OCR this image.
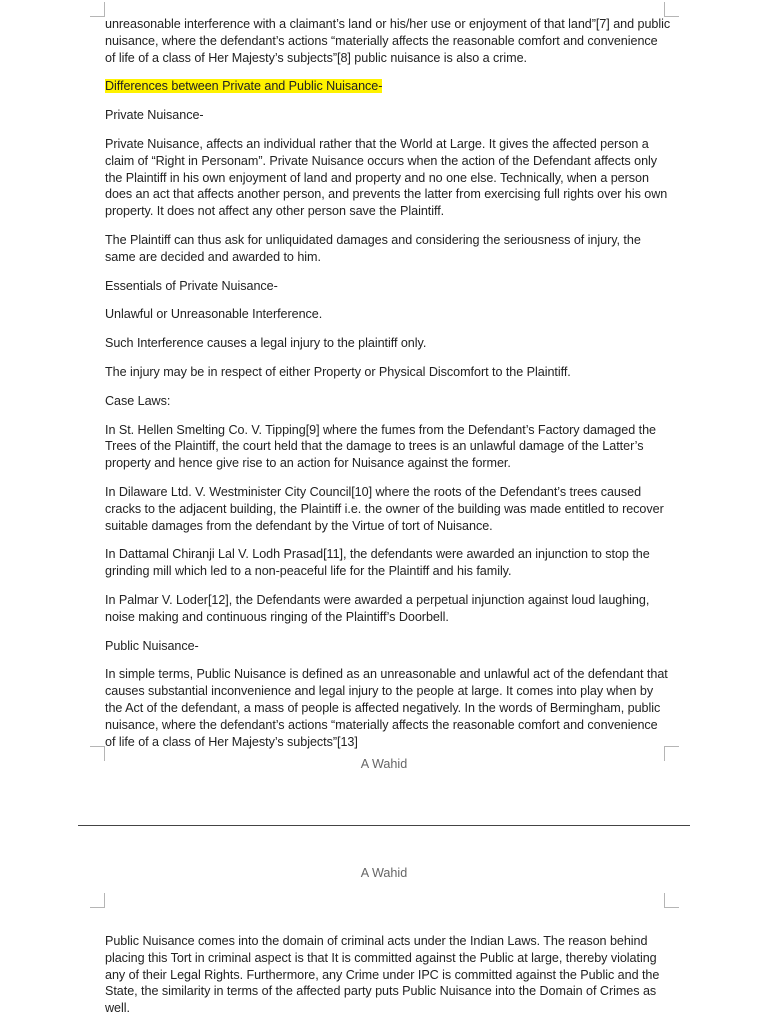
unreasonable interference with a claimant’s land or his/her use or enjoyment of that land”[7] and public nuisance, where the defendant’s actions “materially affects the reasonable comfort and convenience of life of a class of Her Majesty’s subjects”[8] public nuisance is also a crime.

Differences between Private and Public Nuisance-

Private Nuisance-

Private Nuisance, affects an individual rather that the World at Large. It gives the affected person a claim of “Right in Personam”. Private Nuisance occurs when the action of the Defendant affects only the Plaintiff in his own enjoyment of land and property and no one else. Technically, when a person does an act that affects another person, and prevents the latter from exercising full rights over his own property. It does not affect any other person save the Plaintiff.

The Plaintiff can thus ask for unliquidated damages and considering the seriousness of injury, the same are decided and awarded to him.

Essentials of Private Nuisance-

Unlawful or Unreasonable Interference.

Such Interference causes a legal injury to the plaintiff only.

The injury may be in respect of either Property or Physical Discomfort to the Plaintiff.

Case Laws:

In St. Hellen Smelting Co. V. Tipping[9] where the fumes from the Defendant’s Factory damaged the Trees of the Plaintiff, the court held that the damage to trees is an unlawful damage of the Latter’s property and hence give rise to an action for Nuisance against the former.

In Dilaware Ltd. V. Westminister City Council[10] where the roots of the Defendant’s trees caused cracks to the adjacent building, the Plaintiff i.e. the owner of the building was made entitled to recover suitable damages from the defendant by the Virtue of tort of Nuisance.

In Dattamal Chiranji Lal V. Lodh Prasad[11], the defendants were awarded an injunction to stop the grinding mill which led to a non-peaceful life for the Plaintiff and his family.

In Palmar V. Loder[12], the Defendants were awarded a perpetual injunction against loud laughing, noise making and continuous ringing of the Plaintiff’s Doorbell.

Public Nuisance-

In simple terms, Public Nuisance is defined as an unreasonable and unlawful act of the defendant that causes substantial inconvenience and legal injury to the people at large. It comes into play when by the Act of the defendant, a mass of people is affected negatively. In the words of Bermingham, public nuisance, where the defendant’s actions “materially affects the reasonable comfort and convenience of life of a class of Her Majesty’s subjects”[13]

A Wahid
A Wahid

Public Nuisance comes into the domain of criminal acts under the Indian Laws. The reason behind placing this Tort in criminal aspect is that It is committed against the Public at large, thereby violating any of their Legal Rights. Furthermore, any Crime under IPC is committed against the Public and the State, the similarity in terms of the affected party puts Public Nuisance into the Domain of Crimes as well.
